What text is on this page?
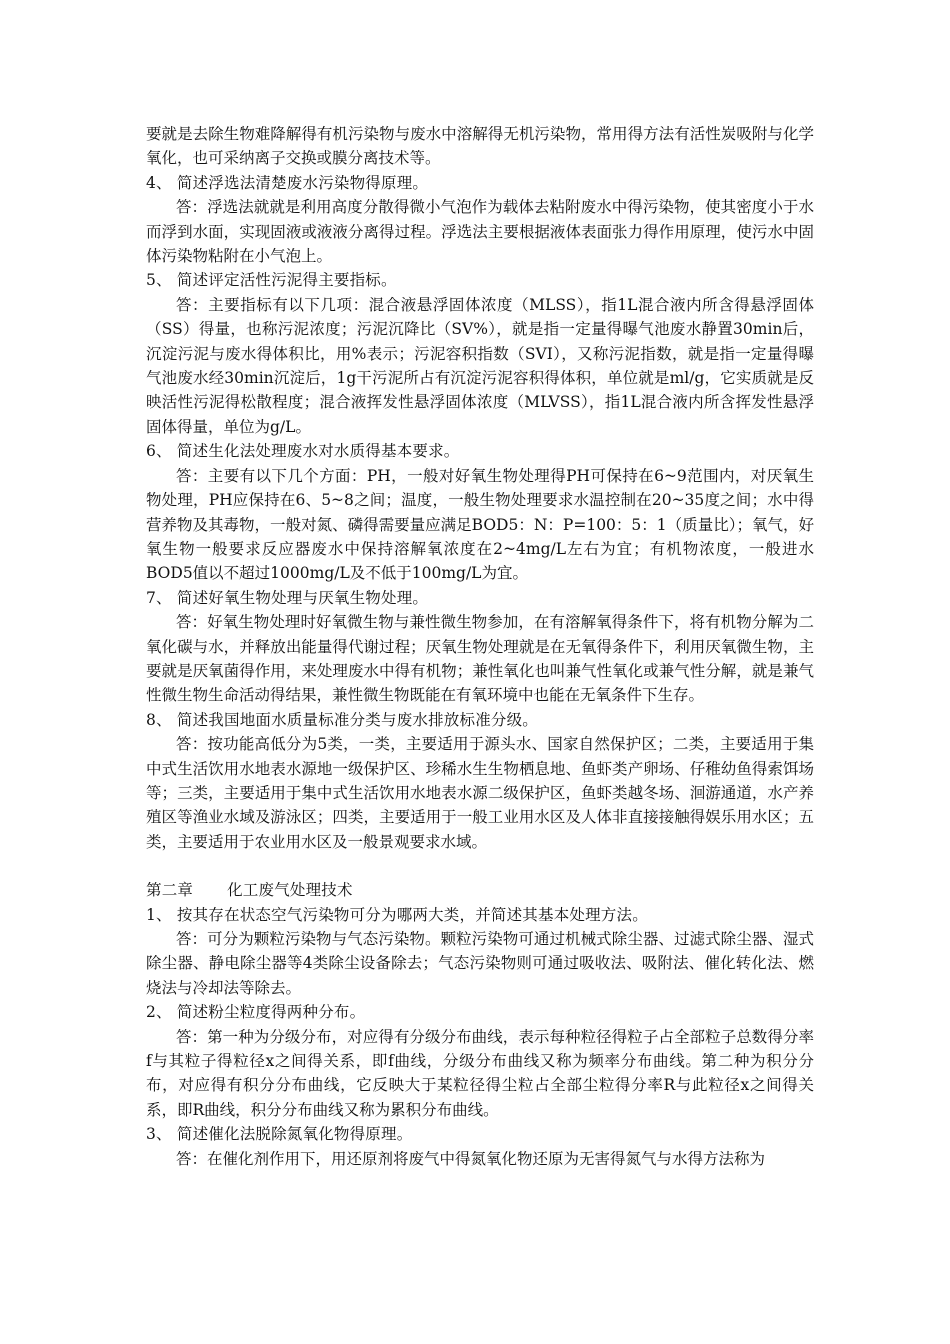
要就是去除生物难降解得有机污染物与废水中溶解得无机污染物，常用得方法有活性炭吸附与化学氧化，也可采纳离子交换或膜分离技术等。
4、 简述浮选法清楚废水污染物得原理。
答：浮选法就就是利用高度分散得微小气泡作为载体去粘附废水中得污染物，使其密度小于水而浮到水面，实现固液或液液分离得过程。浮选法主要根据液体表面张力得作用原理，使污水中固体污染物粘附在小气泡上。
5、 简述评定活性污泥得主要指标。
答：主要指标有以下几项：混合液悬浮固体浓度（MLSS），指1L混合液内所含得悬浮固体（SS）得量，也称污泥浓度；污泥沉降比（SV%），就是指一定量得曝气池废水静置30min后，沉淀污泥与废水得体积比，用%表示；污泥容积指数（SVI），又称污泥指数，就是指一定量得曝气池废水经30min沉淀后，1g干污泥所占有沉淀污泥容积得体积，单位就是ml/g，它实质就是反映活性污泥得松散程度；混合液挥发性悬浮固体浓度（MLVSS），指1L混合液内所含挥发性悬浮固体得量，单位为g/L。
6、 简述生化法处理废水对水质得基本要求。
答：主要有以下几个方面：PH，一般对好氧生物处理得PH可保持在6~9范围内，对厌氧生物处理，PH应保持在6、5~8之间；温度，一般生物处理要求水温控制在20~35度之间；水中得营养物及其毒物，一般对氮、磷得需要量应满足BOD5：N：P=100：5：1（质量比）；氧气，好氧生物一般要求反应器废水中保持溶解氧浓度在2~4mg/L左右为宜；有机物浓度，一般进水BOD5值以不超过1000mg/L及不低于100mg/L为宜。
7、 简述好氧生物处理与厌氧生物处理。
答：好氧生物处理时好氧微生物与兼性微生物参加，在有溶解氧得条件下，将有机物分解为二氧化碳与水，并释放出能量得代谢过程；厌氧生物处理就是在无氧得条件下，利用厌氧微生物，主要就是厌氧菌得作用，来处理废水中得有机物；兼性氧化也叫兼气性氧化或兼气性分解，就是兼气性微生物生命活动得结果，兼性微生物既能在有氧环境中也能在无氧条件下生存。
8、 简述我国地面水质量标准分类与废水排放标准分级。
答：按功能高低分为5类，一类，主要适用于源头水、国家自然保护区；二类，主要适用于集中式生活饮用水地表水源地一级保护区、珍稀水生生物栖息地、鱼虾类产卵场、仔稚幼鱼得索饵场等；三类，主要适用于集中式生活饮用水地表水源二级保护区，鱼虾类越冬场、洄游通道，水产养殖区等渔业水域及游泳区；四类，主要适用于一般工业用水区及人体非直接接触得娱乐用水区；五类，主要适用于农业用水区及一般景观要求水域。
第二章 化工废气处理技术
1、 按其存在状态空气污染物可分为哪两大类，并简述其基本处理方法。
答：可分为颗粒污染物与气态污染物。颗粒污染物可通过机械式除尘器、过滤式除尘器、湿式除尘器、静电除尘器等4类除尘设备除去；气态污染物则可通过吸收法、吸附法、催化转化法、燃烧法与冷却法等除去。
2、 简述粉尘粒度得两种分布。
答：第一种为分级分布，对应得有分级分布曲线，表示每种粒径得粒子占全部粒子总数得分率f与其粒子得粒径x之间得关系，即f曲线，分级分布曲线又称为频率分布曲线。第二种为积分分布，对应得有积分分布曲线，它反映大于某粒径得尘粒占全部尘粒得分率R与此粒径x之间得关系，即R曲线，积分分布曲线又称为累积分布曲线。
3、 简述催化法脱除氮氧化物得原理。
答：在催化剂作用下，用还原剂将废气中得氮氧化物还原为无害得氮气与水得方法称为
